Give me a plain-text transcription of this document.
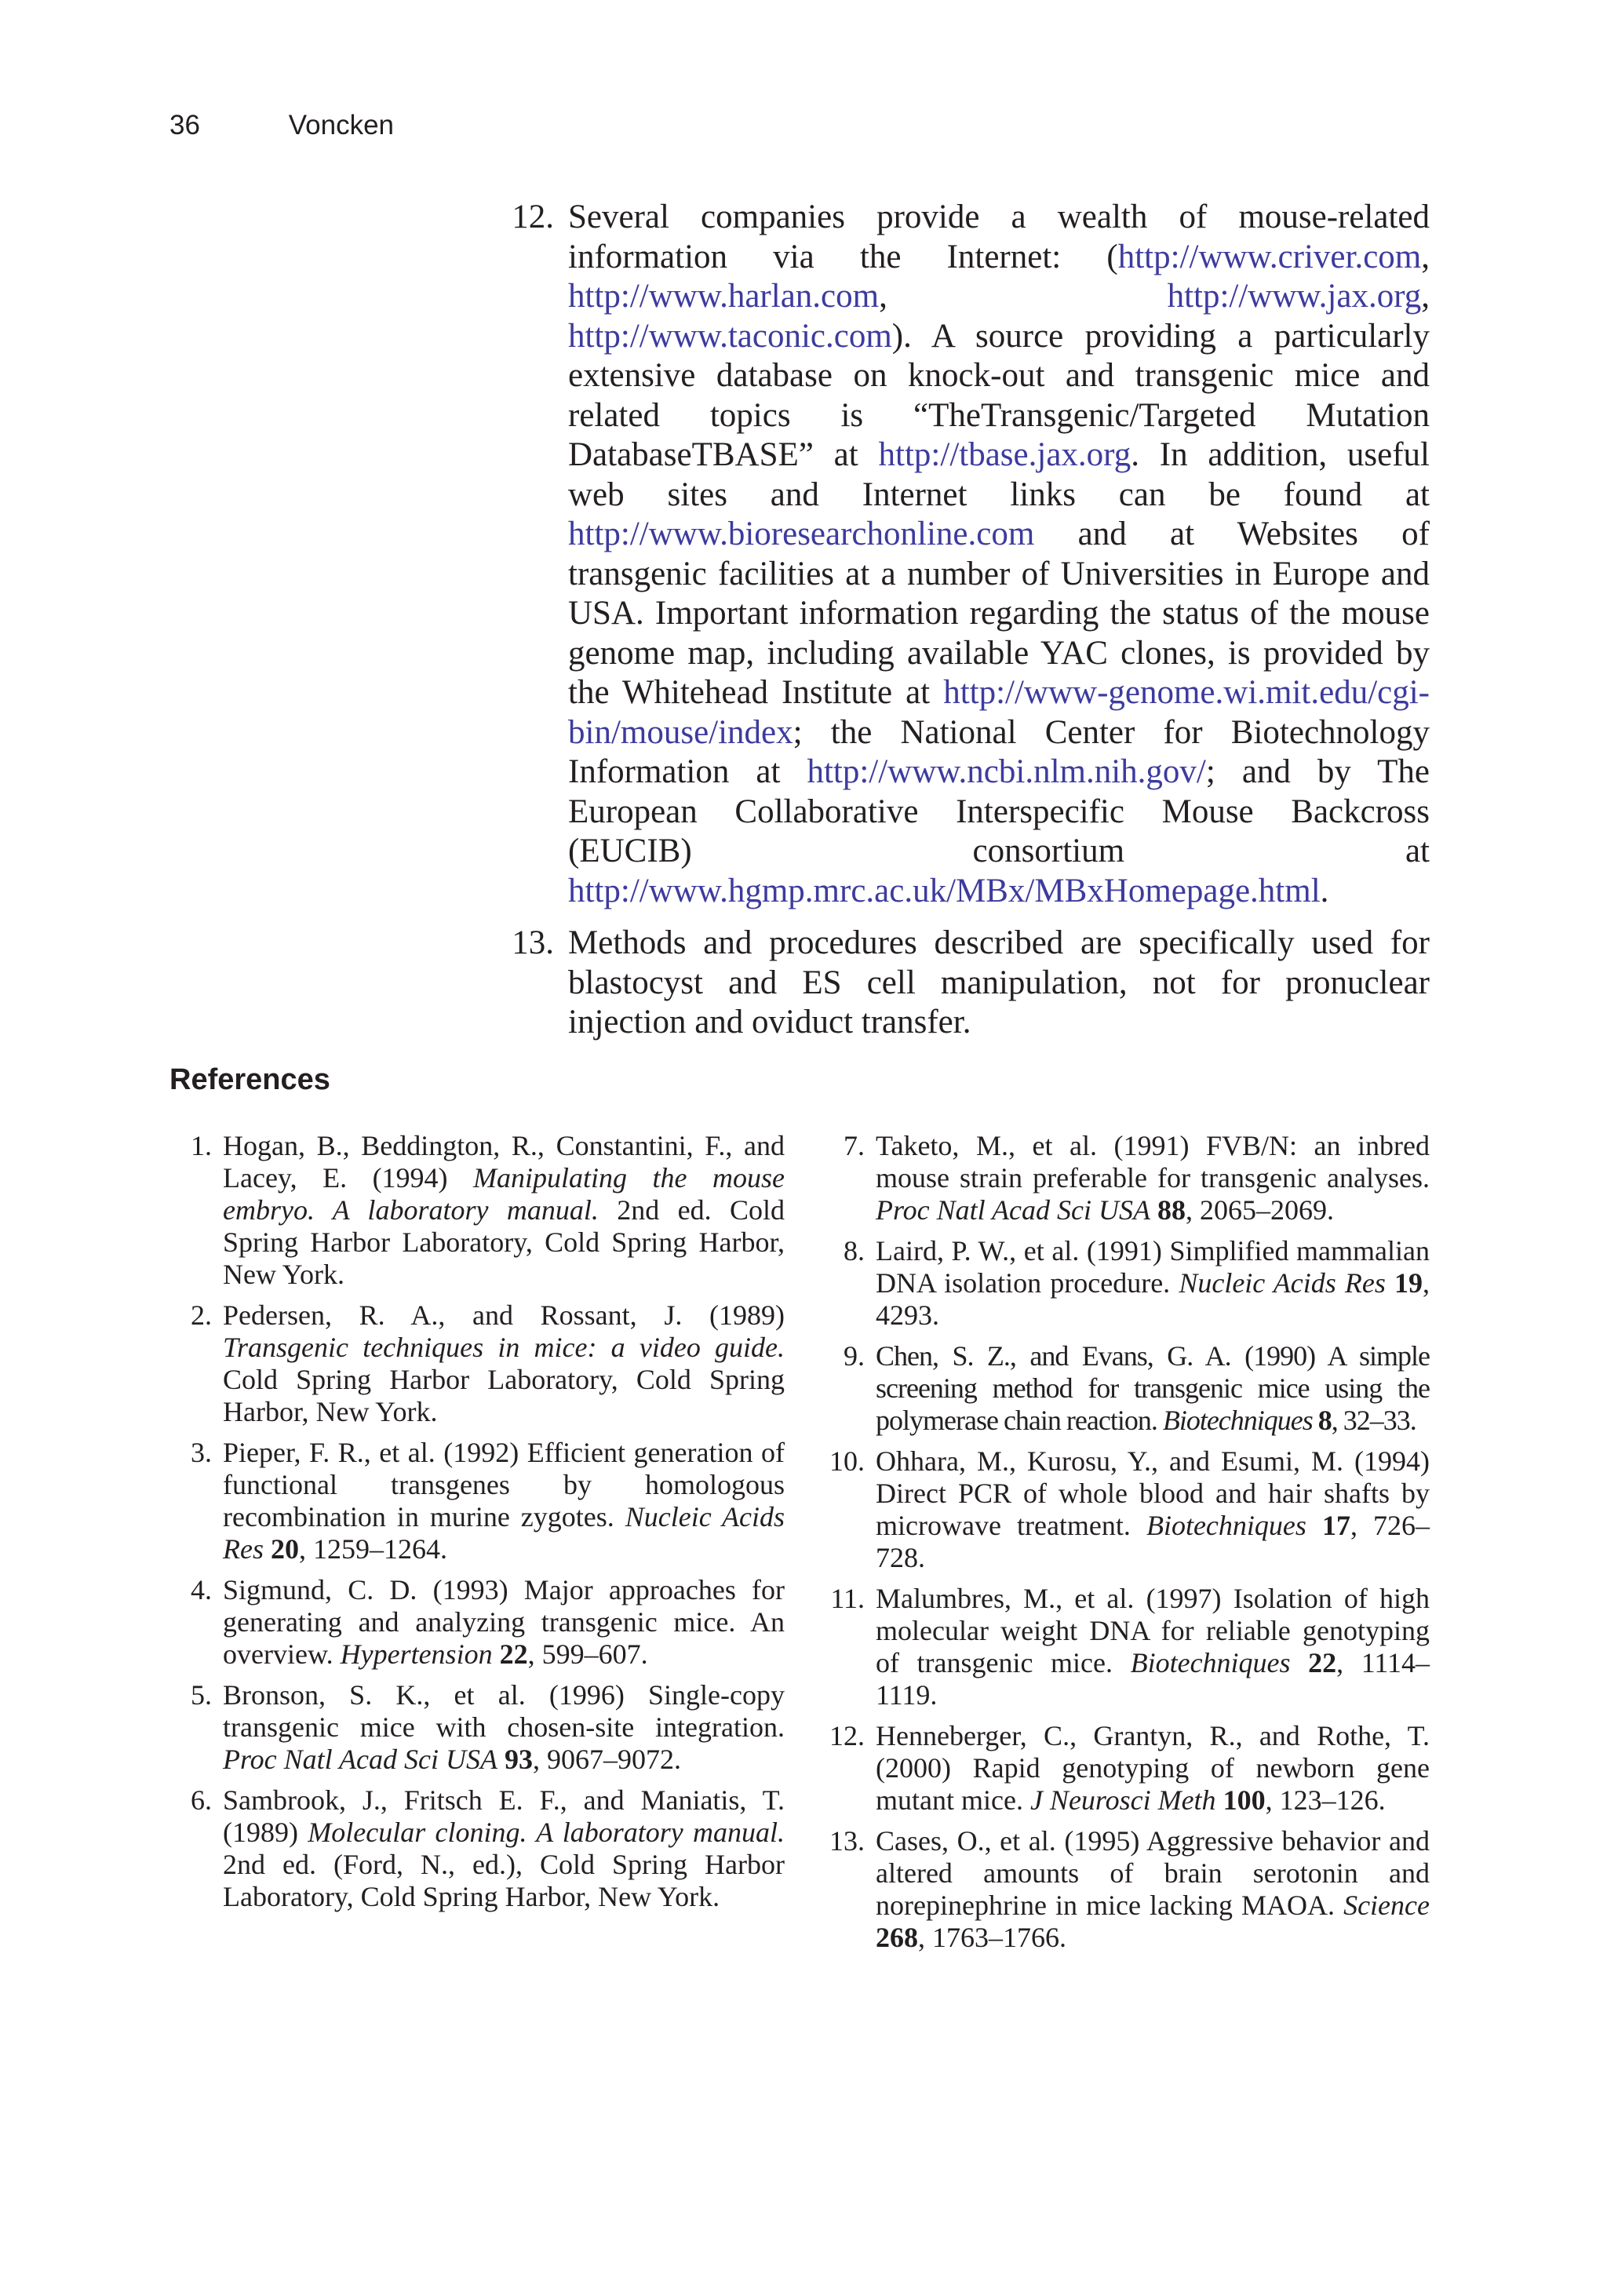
36	Voncken
12. Several companies provide a wealth of mouse-related information via the Internet: (http://www.criver.com, http://www.harlan.com, http://www.jax.org, http://www.taconic.com). A source providing a particularly extensive database on knock-out and transgenic mice and related topics is “TheTransgenic/Targeted Mutation DatabaseTBASE” at http://tbase.jax.org. In addition, useful web sites and Internet links can be found at http://www.bioresearchonline.com and at Websites of transgenic facilities at a number of Universities in Europe and USA. Important information regarding the status of the mouse genome map, including available YAC clones, is provided by the Whitehead Institute at http://www-genome.wi.mit.edu/cgi-bin/mouse/index; the National Center for Biotechnology Information at http://www.ncbi.nlm.nih.gov/; and by The European Collaborative Interspecific Mouse Backcross (EUCIB) consortium at http://www.hgmp.mrc.ac.uk/MBx/MBxHomepage.html.
13. Methods and procedures described are specifically used for blastocyst and ES cell manipulation, not for pronuclear injection and oviduct transfer.
References
1. Hogan, B., Beddington, R., Constantini, F., and Lacey, E. (1994) Manipulating the mouse embryo. A laboratory manual. 2nd ed. Cold Spring Harbor Laboratory, Cold Spring Harbor, New York.
2. Pedersen, R. A., and Rossant, J. (1989) Transgenic techniques in mice: a video guide. Cold Spring Harbor Laboratory, Cold Spring Harbor, New York.
3. Pieper, F. R., et al. (1992) Efficient generation of functional transgenes by homologous recombination in murine zygotes. Nucleic Acids Res 20, 1259–1264.
4. Sigmund, C. D. (1993) Major approaches for generating and analyzing transgenic mice. An overview. Hypertension 22, 599–607.
5. Bronson, S. K., et al. (1996) Single-copy transgenic mice with chosen-site integration. Proc Natl Acad Sci USA 93, 9067–9072.
6. Sambrook, J., Fritsch E. F., and Maniatis, T. (1989) Molecular cloning. A laboratory manual. 2nd ed. (Ford, N., ed.), Cold Spring Harbor Laboratory, Cold Spring Harbor, New York.
7. Taketo, M., et al. (1991) FVB/N: an inbred mouse strain preferable for transgenic analyses. Proc Natl Acad Sci USA 88, 2065–2069.
8. Laird, P. W., et al. (1991) Simplified mammalian DNA isolation procedure. Nucleic Acids Res 19, 4293.
9. Chen, S. Z., and Evans, G. A. (1990) A simple screening method for transgenic mice using the polymerase chain reaction. Biotechniques 8, 32–33.
10. Ohhara, M., Kurosu, Y., and Esumi, M. (1994) Direct PCR of whole blood and hair shafts by microwave treatment. Biotechniques 17, 726–728.
11. Malumbres, M., et al. (1997) Isolation of high molecular weight DNA for reliable genotyping of transgenic mice. Biotechniques 22, 1114–1119.
12. Henneberger, C., Grantyn, R., and Rothe, T. (2000) Rapid genotyping of newborn gene mutant mice. J Neurosci Meth 100, 123–126.
13. Cases, O., et al. (1995) Aggressive behavior and altered amounts of brain serotonin and norepinephrine in mice lacking MAOA. Science 268, 1763–1766.
